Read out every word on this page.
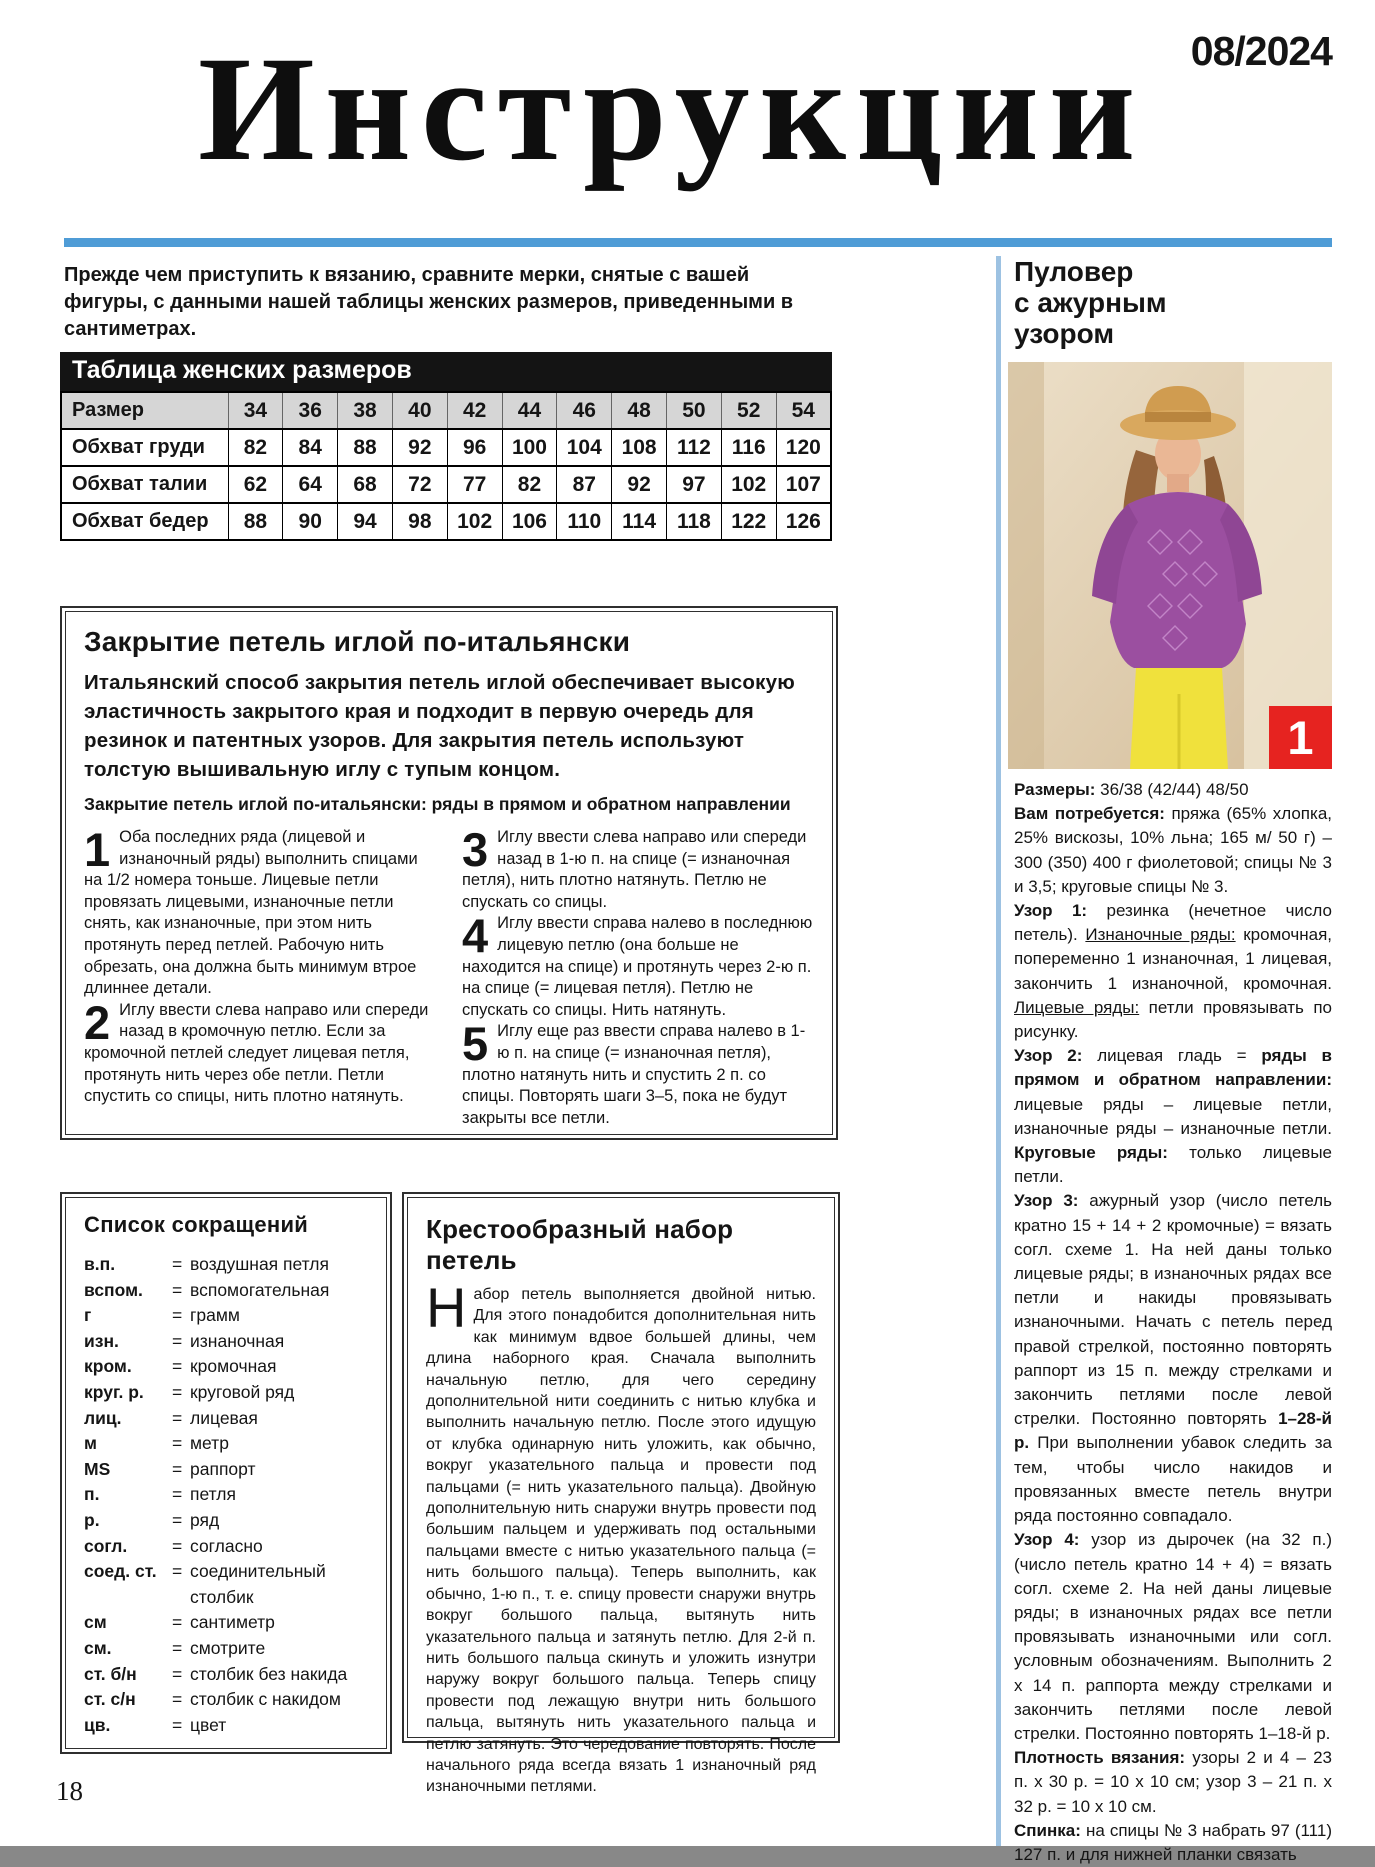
Инструкции 08/2024

Прежде чем приступить к вязанию, сравните мерки, снятые с вашей фигуры, с данными нашей таблицы женских размеров, приведенными в сантиметрах.

Таблица женских размеров
Размер	34	36	38	40	42	44	46	48	50	52	54
Обхват груди	82	84	88	92	96	100	104	108	112	116	120
Обхват талии	62	64	68	72	77	82	87	92	97	102	107
Обхват бедер	88	90	94	98	102	106	110	114	118	122	126
Закрытие петель иглой по-итальянски

Итальянский способ закрытия петель иглой обеспечивает высокую эластичность закрытого края и подходит в первую очередь для резинок и патентных узоров. Для закрытия петель используют толстую вышивальную иглу с тупым концом.

Закрытие петель иглой по-итальянски: ряды в прямом и обратном направлении

1 Оба последних ряда (лицевой и изнаночный ряды) выполнить спицами на 1/2 номера тоньше. Лицевые петли провязать лицевыми, изнаночные петли снять, как изнаночные, при этом нить протянуть перед петлей. Рабочую нить обрезать, она должна быть минимум втрое длиннее детали.
2 Иглу ввести слева направо или спереди назад в кромочную петлю. Если за кромочной петлей следует лицевая петля, протянуть нить через обе петли. Петли спустить со спицы, нить плотно натянуть.
3 Иглу ввести слева направо или спереди назад в 1-ю п. на спице (= изнаночная петля), нить плотно натянуть. Петлю не спускать со спицы.
4 Иглу ввести справа налево в последнюю лицевую петлю (она больше не находится на спице) и протянуть через 2-ю п. на спице (= лицевая петля). Петлю не спускать со спицы. Нить натянуть.
5 Иглу еще раз ввести справа налево в 1-ю п. на спице (= изнаночная петля), плотно натянуть нить и спустить 2 п. со спицы. Повторять шаги 3–5, пока не будут закрыты все петли.
Список сокращений
в.п.	= воздушная петля
вспом.	= вспомогательная
г	= грамм
изн.	= изнаночная
кром.	= кромочная
круг. р.	= круговой ряд
лиц.	= лицевая
м	= метр
MS	= раппорт
п.	= петля
р.	= ряд
согл.	= согласно
соед. ст. = соединительный столбик
см	= сантиметр
см.	= смотрите
ст. б/н	= столбик без накида
ст. с/н	= столбик с накидом
цв.	= цвет
Крестообразный набор петель

Набор петель выполняется двойной нитью. Для этого понадобится дополнительная нить как минимум вдвое большей длины, чем длина наборного края. Сначала выполнить начальную петлю, для чего середину дополнительной нити соединить с нитью клубка и выполнить начальную петлю. После этого идущую от клубка одинарную нить уложить, как обычно, вокруг указательного пальца и провести под пальцами (= нить указательного пальца). Двойную дополнительную нить снаружи внутрь провести под большим пальцем и удерживать под остальными пальцами вместе с нитью указательного пальца (= нить большого пальца). Теперь выполнить, как обычно, 1-ю п., т. е. спицу провести снаружи внутрь вокруг большого пальца, вытянуть нить указательного пальца и затянуть петлю. Для 2-й п. нить большого пальца скинуть и уложить изнутри наружу вокруг большого пальца. Теперь спицу провести под лежащую внутри нить большого пальца, вытянуть нить указательного пальца и петлю затянуть. Это чередование повторять. После начального ряда всегда вязать 1 изнаночный ряд изнаночными петлями.

18
Пуловер
с ажурным
узором
1

Размеры: 36/38 (42/44) 48/50

Вам потребуется: пряжа (65% хлопка, 25% вискозы, 10% льна; 165 м/ 50 г) – 300 (350) 400 г фиолетовой; спицы № 3 и 3,5; круговые спицы № 3.

Узор 1: резинка (нечетное число петель). Изнаночные ряды: кромочная, попеременно 1 изнаночная, 1 лицевая, закончить 1 изнаночной, кромочная. Лицевые ряды: петли провязывать по рисунку.

Узор 2: лицевая гладь = ряды в прямом и обратном направлении: лицевые ряды – лицевые петли, изнаночные ряды – изнаночные петли. Круговые ряды: только лицевые петли.

Узор 3: ажурный узор (число петель кратно 15 + 14 + 2 кромочные) = вязать согл. схеме 1. На ней даны только лицевые ряды; в изнаночных рядах все петли и накиды провязывать изнаночными. Начать с петель перед правой стрелкой, постоянно повторять раппорт из 15 п. между стрелками и закончить петлями после левой стрелки. Постоянно повторять 1–28-й р. При выполнении убавок следить за тем, чтобы число накидов и провязанных вместе петель внутри ряда постоянно совпадало.

Узор 4: узор из дырочек (на 32 п.) (число петель кратно 14 + 4) = вязать согл. схеме 2. На ней даны лицевые ряды; в изнаночных рядах все петли провязывать изнаночными или согл. условным обозначениям. Выполнить 2 х 14 п. раппорта между стрелками и закончить петлями после левой стрелки. Постоянно повторять 1–18-й р.

Плотность вязания: узоры 2 и 4 – 23 п. х 30 р. = 10 х 10 см; узор 3 – 21 п. х 32 р. = 10 х 10 см.

Спинка: на спицы № 3 набрать 97 (111) 127 п. и для нижней планки связать
